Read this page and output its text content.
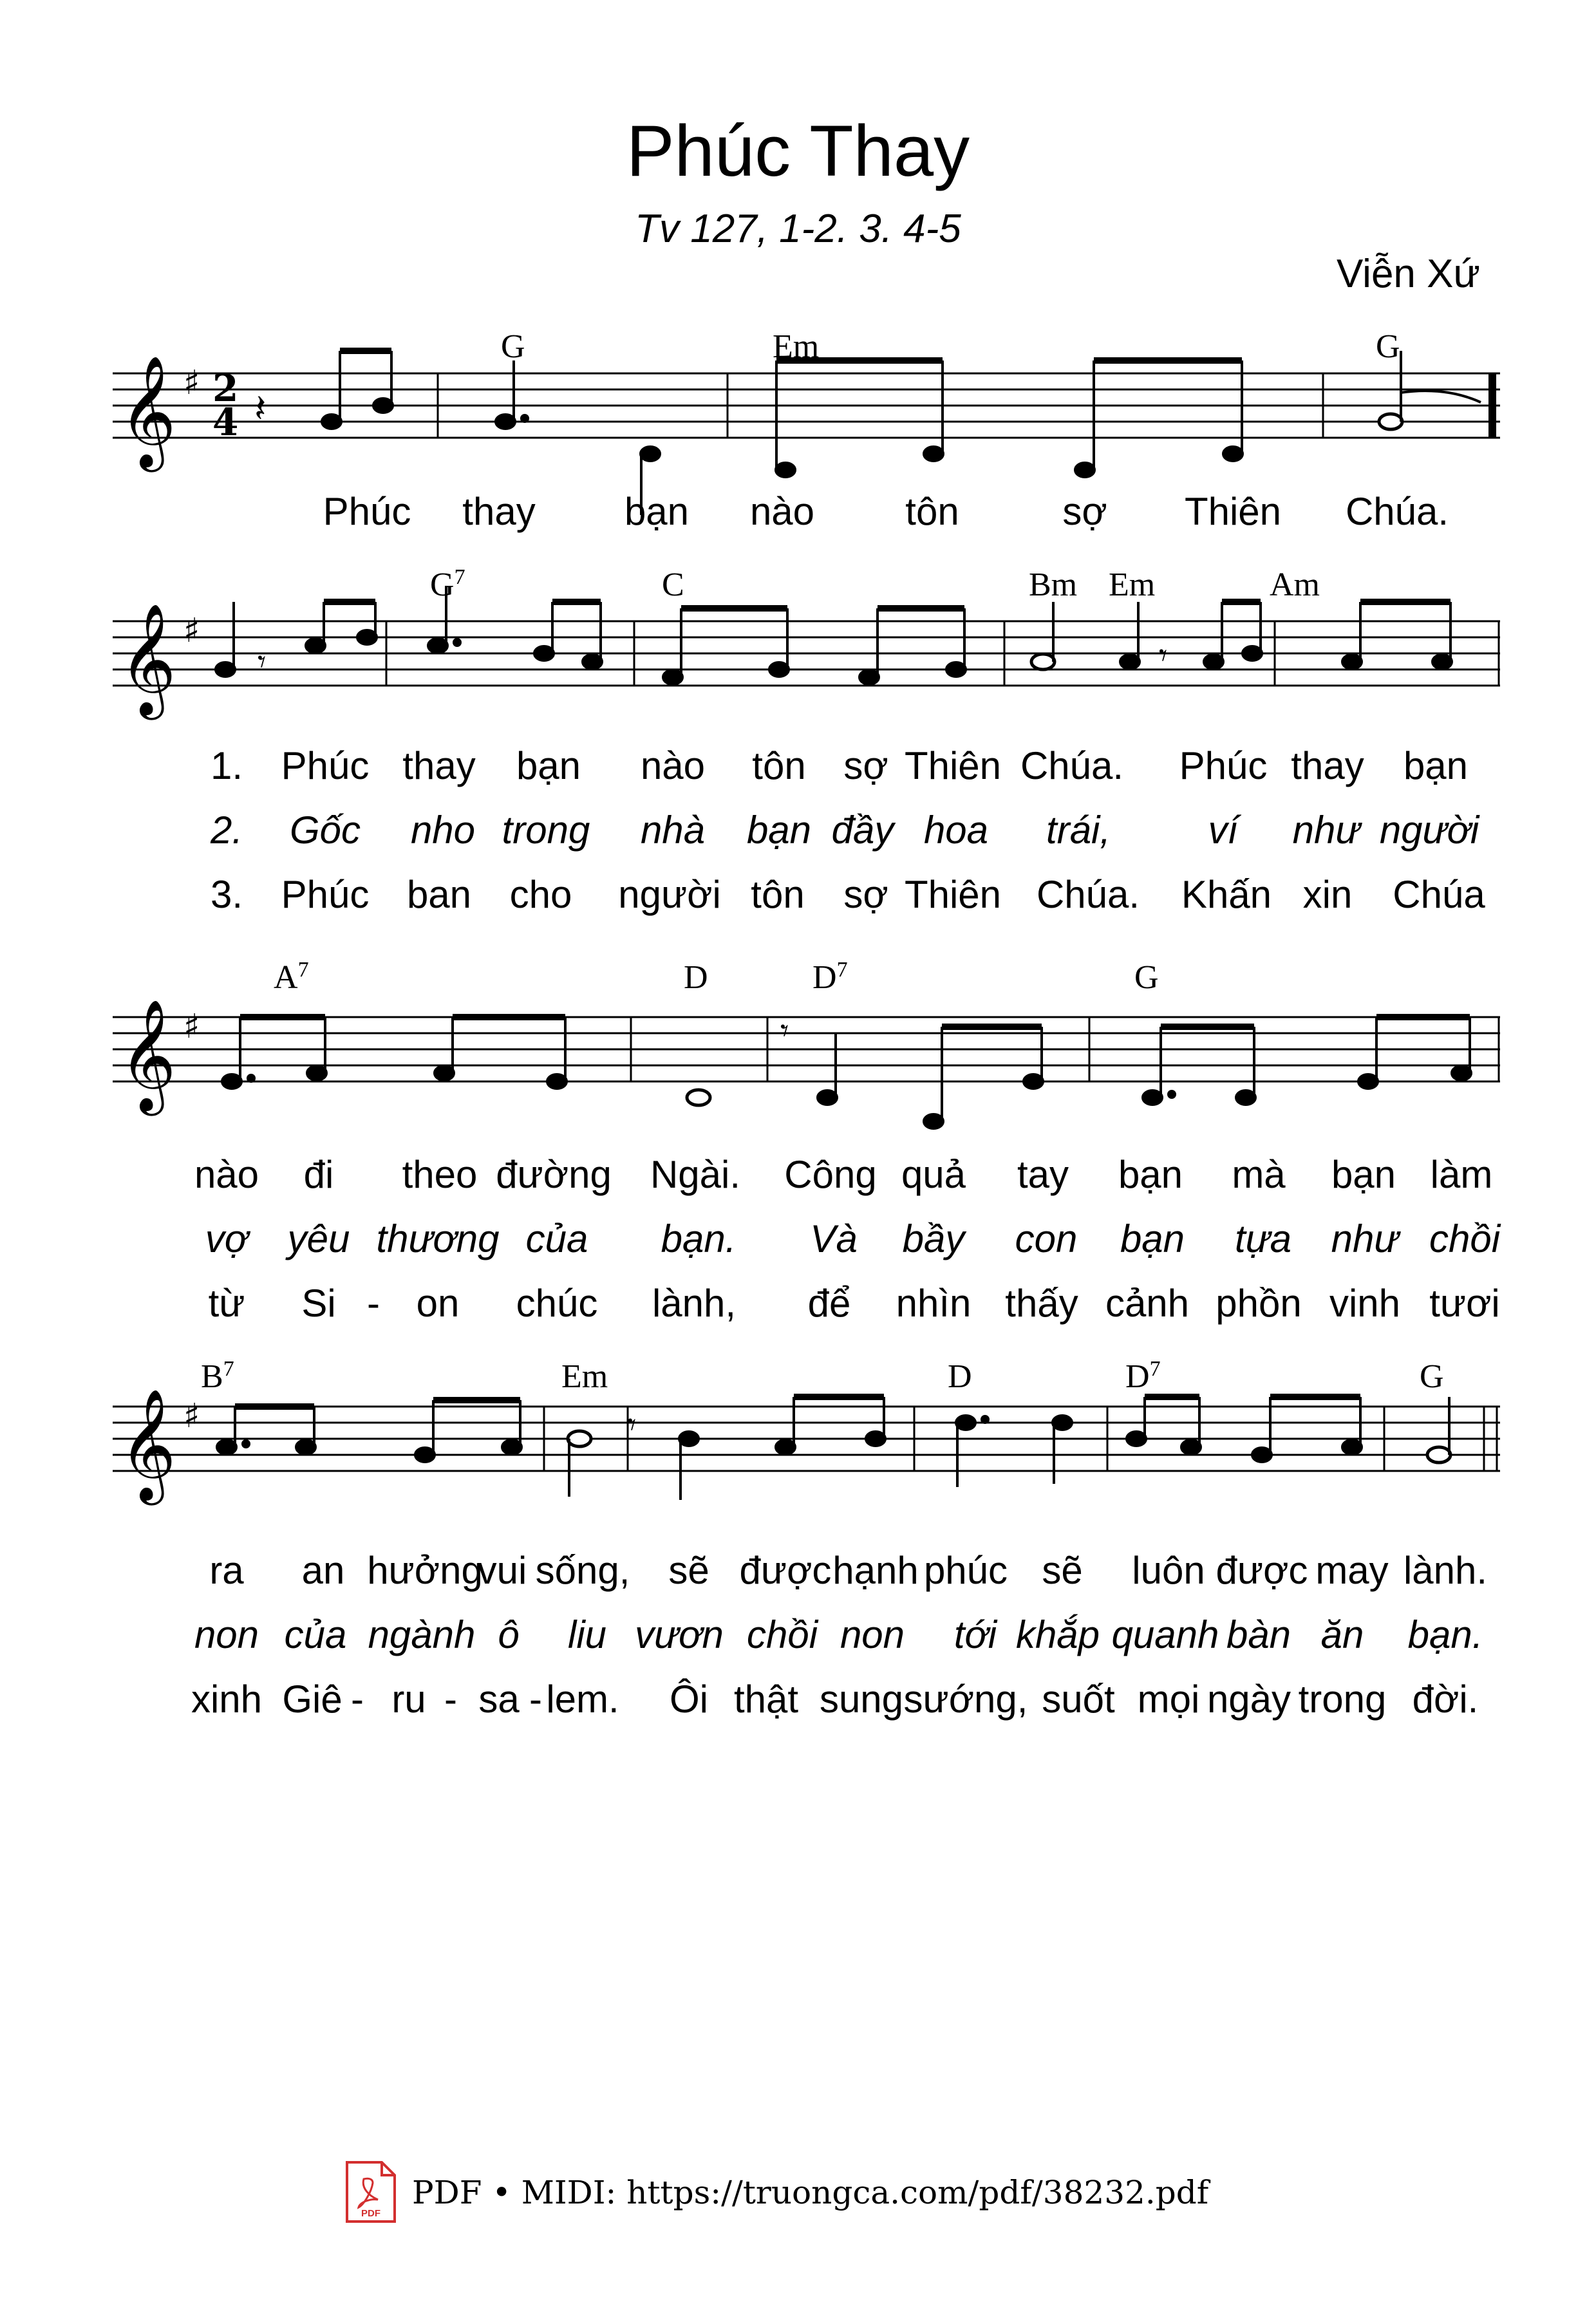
Phúc Thay
Tv 127, 1-2. 3. 4-5
Viễn Xứ
𝄞 ♯ 2
4 𝄽
G	Em	G
Phúc thay bạn nào tôn	sợ Thiên Chúa.
𝄞 ♯
𝄾	𝄾
$G^7$	C	Bm Em	Am
1. Phúc thay bạn nào tôn sợ Thiên Chúa. Phúc thay bạn
2. Gốc nho trong nhà bạn đầy hoa trái,	ví như người
3. Phúc ban cho người tôn sợ Thiên Chúa. Khấn xin Chúa
𝄞 ♯	𝄾
$A^7$	D	$D^7$	G
nào đi theo đường Ngài. Công quả tay bạn mà bạn làm
vợ yêu thương của bạn. Và bầy con bạn tựa như chồi
từ Si - on chúc lành, để nhìn thấy cảnh phồn vinh tươi
𝄞 ♯	𝄾
$B^7$	Em	D	$D^7$	G
ra an hưởng
vui sống, sẽ được hạnh phúc sẽ luôn được may lành.
non của ngành ô liu vươn chồi non tới khắp quanh bàn ăn bạn.
xinh Giê - ru - sa - lem. Ôi thật sung sướng, suốt mọi ngày trong đời.
PDF
PDF • MIDI: https://truongca.com/pdf/38232.pdf
